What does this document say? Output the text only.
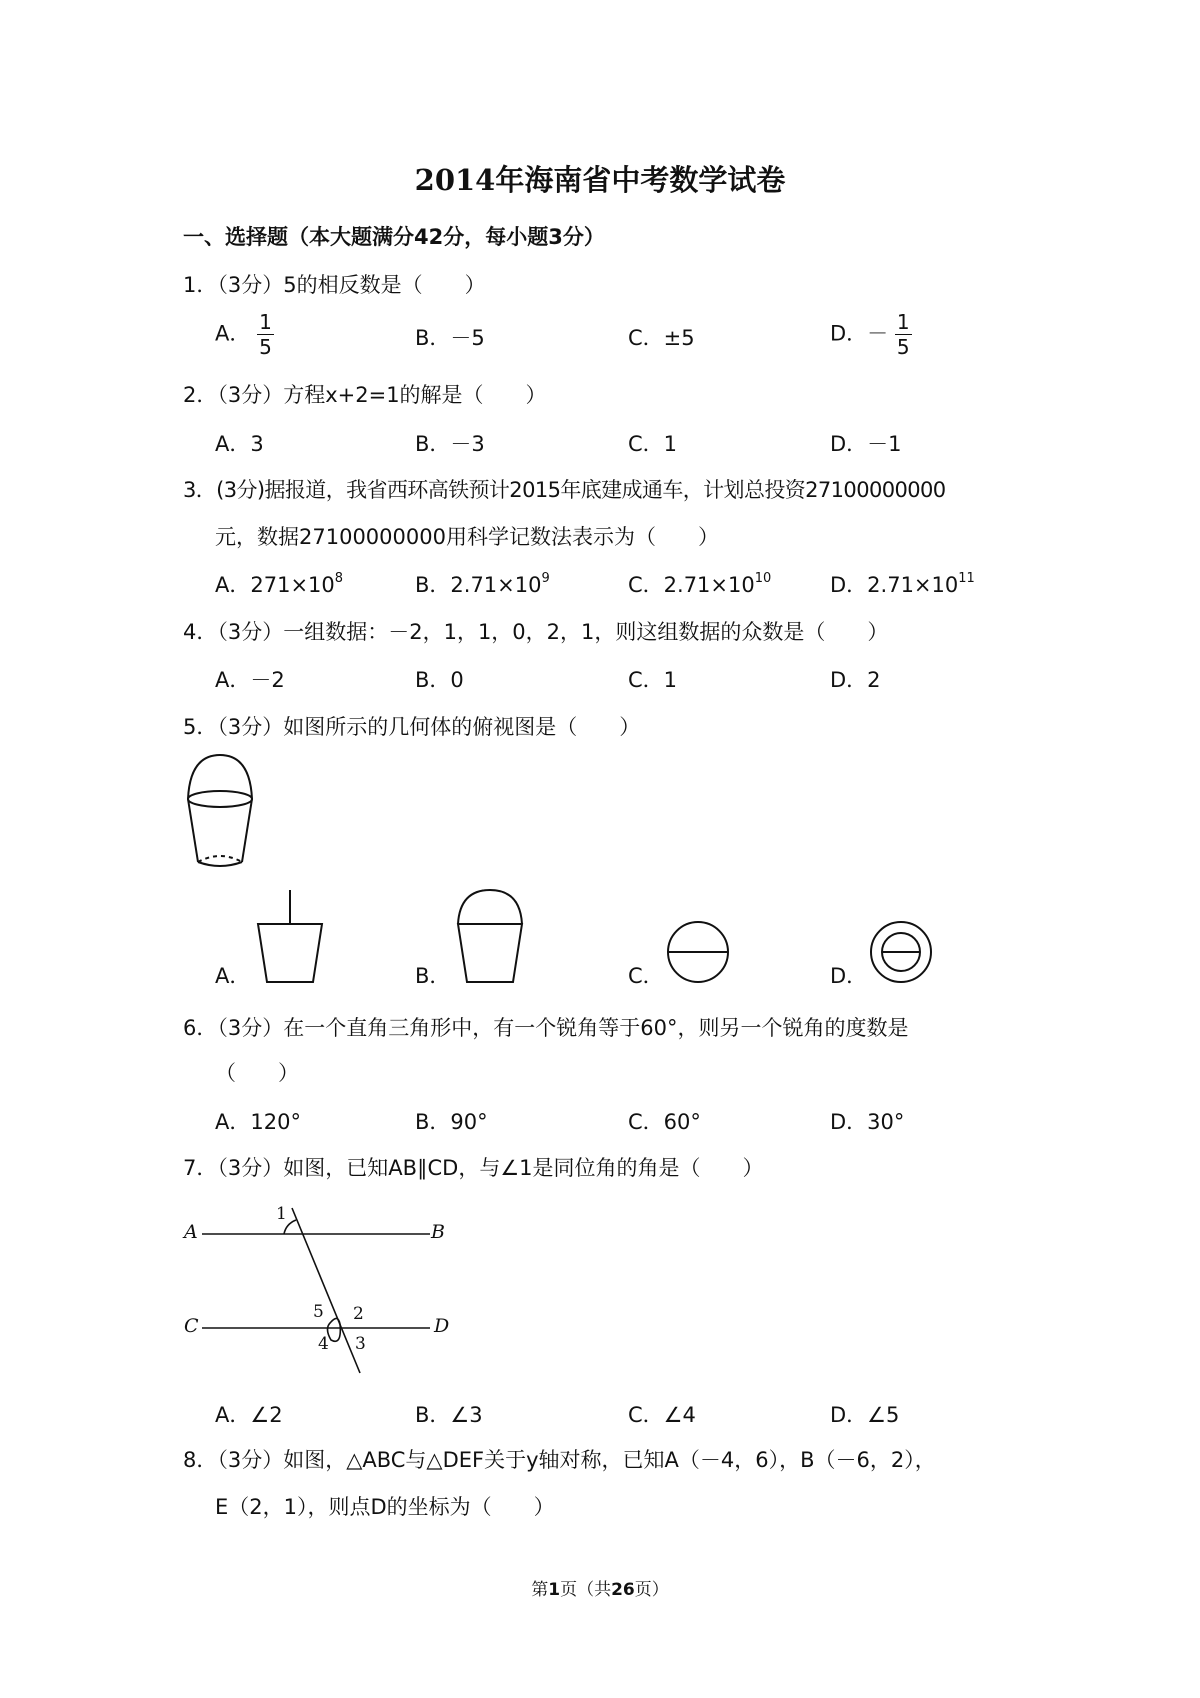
2014年海南省中考数学试卷
一、选择题（本大题满分42分，每小题3分）
1．（3分）5的相反数是（　　）
A． $\frac{1}{5}$	B．－5	C．±5	D．－ $\frac{1}{5}$
2．（3分）方程x+2=1的解是（　　）
A．3	B．－3	C．1	D．－1
3．(3分)据报道，我省西环高铁预计2015年底建成通车，计划总投资27100000000
元，数据27100000000用科学记数法表示为（　　）
A．$271\times 10^8$	B．$2.71\times 10^9$	C．$2.71\times 10^{10}$	D．$2.71\times 10^{11}$
4．（3分）一组数据：－2，1，1，0，2，1，则这组数据的众数是（　　）
A．－2	B．0	C．1	D．2
5．（3分）如图所示的几何体的俯视图是（　　）
A．	B．	C．	D．
6．（3分）在一个直角三角形中，有一个锐角等于60°，则另一个锐角的度数是
（　　）
A．120°	B．90°	C．60°	D．30°
7．（3分）如图，已知AB∥CD，与∠1是同位角的角是（　　）
A	B
C	D
1
2
3
4
5
A．∠2	B．∠3	C．∠4	D．∠5
8．（3分）如图，△ABC与△DEF关于y轴对称，已知A（－4，6），B（－6，2），
E（2，1），则点D的坐标为（　　）
第1页（共26页）
